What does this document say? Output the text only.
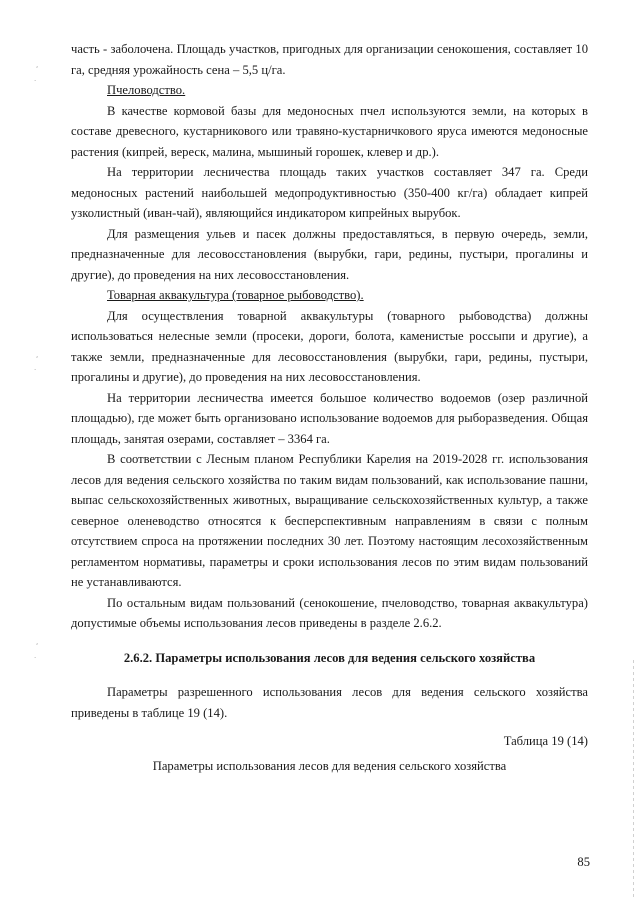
,
·
,
·
,
·

часть - заболочена. Площадь участков, пригодных для организации сенокошения, составляет 10 га, средняя урожайность сена – 5,5 ц/га.

Пчеловодство.

В качестве кормовой базы для медоносных пчел используются земли, на которых в составе древесного, кустарникового или травяно-кустарничкового яруса имеются медоносные растения (кипрей, вереск, малина, мышиный горошек, клевер и др.).

На территории лесничества площадь таких участков составляет 347 га. Среди медоносных растений наибольшей медопродуктивностью (350-400 кг/га) обладает кипрей узколистный (иван-чай), являющийся индикатором кипрейных вырубок.

Для размещения ульев и пасек должны предоставляться, в первую очередь, земли, предназначенные для лесовосстановления (вырубки, гари, редины, пустыри, прогалины и другие), до проведения на них лесовосстановления.

Товарная аквакультура (товарное рыбоводство).

Для осуществления товарной аквакультуры (товарного рыбоводства) должны использоваться нелесные земли (просеки, дороги, болота, каменистые россыпи и другие), а также земли, предназначенные для лесовосстановления (вырубки, гари, редины, пустыри, прогалины и другие), до проведения на них лесовосстановления.

На территории лесничества имеется большое количество водоемов (озер различной площадью), где может быть организовано использование водоемов для рыборазведения. Общая площадь, занятая озерами, составляет – 3364 га.

В соответствии с Лесным планом Республики Карелия на 2019-2028 гг. использования лесов для ведения сельского хозяйства по таким видам пользований, как использование пашни, выпас сельскохозяйственных животных, выращивание сельскохозяйственных культур, а также северное оленеводство относятся к бесперспективным направлениям в связи с полным отсутствием спроса на протяжении последних 30 лет. Поэтому настоящим лесохозяйственным регламентом нормативы, параметры и сроки использования лесов по этим видам пользований не устанавливаются.

По остальным видам пользований (сенокошение, пчеловодство, товарная аквакультура) допустимые объемы использования лесов приведены в разделе 2.6.2.

2.6.2. Параметры использования лесов для ведения сельского хозяйства

Параметры разрешенного использования лесов для ведения сельского хозяйства приведены в таблице 19 (14).

Таблица 19 (14)

Параметры использования лесов для ведения сельского хозяйства

85
